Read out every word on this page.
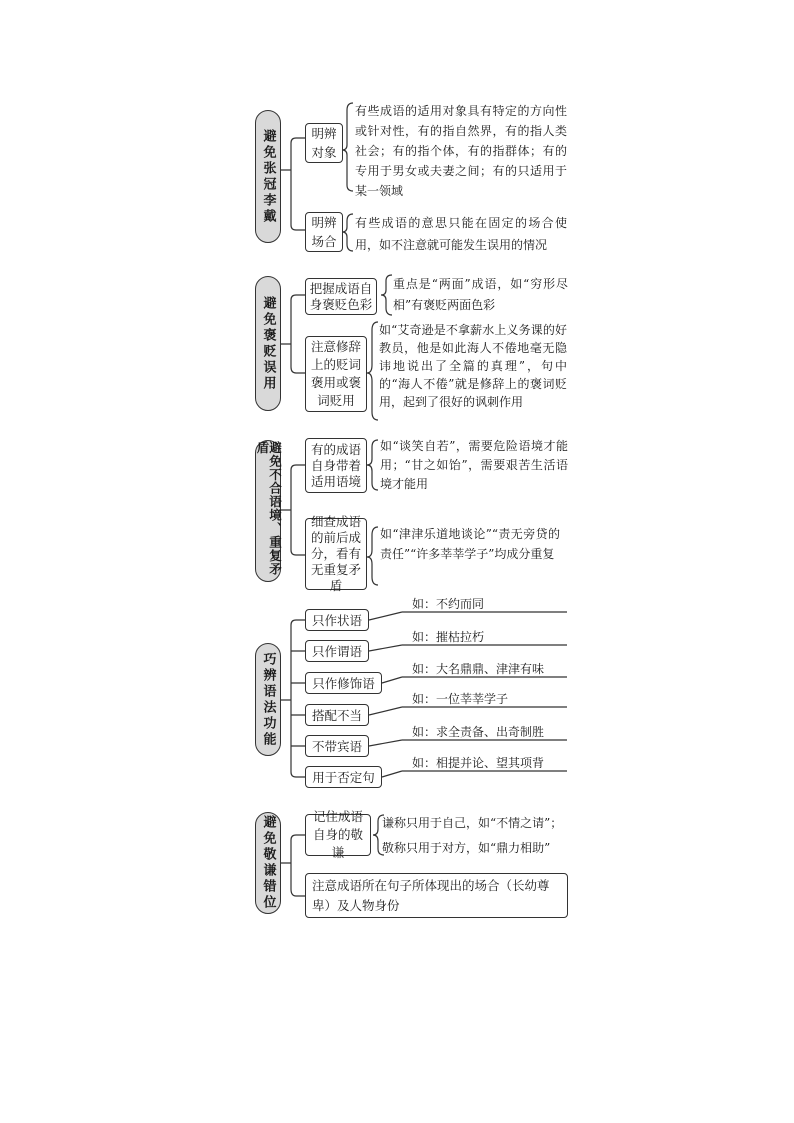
避免张冠李戴	明辨对象
有些成语的适用对象具有特定的方向性或针对性，有的指自然界，有的指人类社会；有的指个体，有的指群体；有的专用于男女或夫妻之间；有的只适用于某一领域
明辨场合
有些成语的意思只能在固定的场合使用，如不注意就可能发生误用的情况
避免褒贬误用
把握成语自身褒贬色彩
重点是“两面”成语，如“穷形尽相”有褒贬两面色彩
注意修辞上的贬词褒用或褒词贬用
如“艾奇逊是不拿薪水上义务课的好教员，他是如此海人不倦地毫无隐讳地说出了全篇的真理”，句中的“海人不倦”就是修辞上的褒词贬用，起到了很好的讽刺作用
避免不合语境、重复矛盾	有的成语自身带着适用语境
如“谈笑自若”，需要危险语境才能用；“甘之如饴”，需要艰苦生活语境才能用
细查成语的前后成分，看有无重复矛盾
如“津津乐道地谈论”“责无旁贷的责任”“许多莘莘学子”均成分重复
巧辨语法功能
只作状语
如：不约而同
只作谓语
如：摧枯拉朽
只作修饰语
如：大名鼎鼎、津津有味
搭配不当
如：一位莘莘学子
不带宾语
如：求全责备、出奇制胜
用于否定句
如：相提并论、望其项背
避免敬谦错位	记住成语自身的敬谦
谦称只用于自己，如“不情之请”；
敬称只用于对方，如“鼎力相助”
注意成语所在句子所体现出的场合（长幼尊卑）及人物身份
